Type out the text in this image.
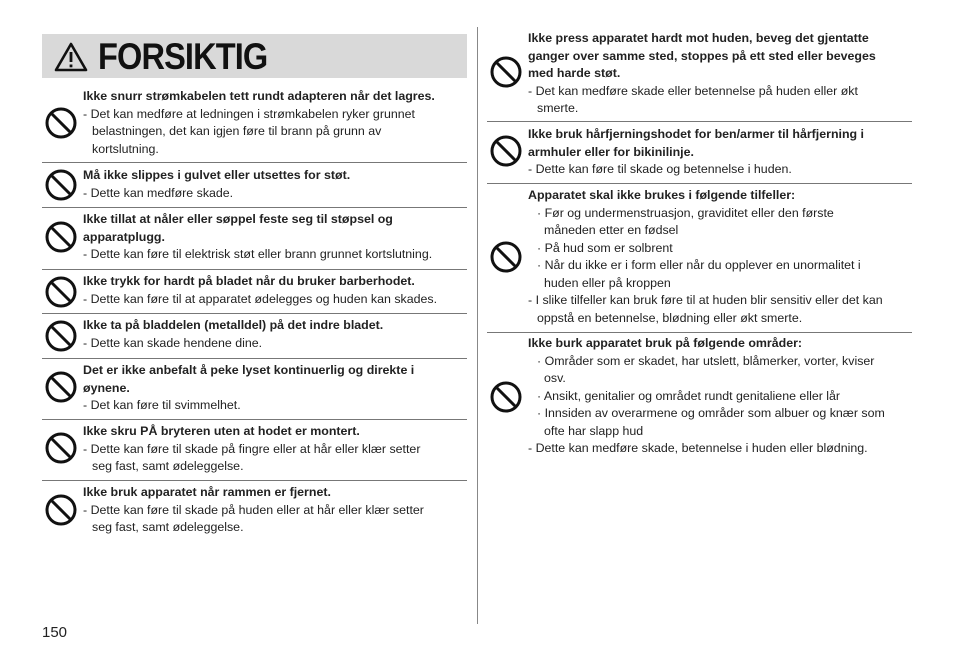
FORSIKTIG
Ikke snurr strømkabelen tett rundt adapteren når det lagres.
- Det kan medføre at ledningen i strømkabelen ryker grunnet
belastningen, det kan igjen føre til brann på grunn av
kortslutning.
Må ikke slippes i gulvet eller utsettes for støt.
- Dette kan medføre skade.
Ikke tillat at nåler eller søppel feste seg til støpsel og
apparatplugg.
- Dette kan føre til elektrisk støt eller brann grunnet kortslutning.
Ikke trykk for hardt på bladet når du bruker barberhodet.
- Dette kan føre til at apparatet ødelegges og huden kan skades.
Ikke ta på bladdelen (metalldel) på det indre bladet.
- Dette kan skade hendene dine.
Det er ikke anbefalt å peke lyset kontinuerlig og direkte i
øynene.
- Det kan føre til svimmelhet.
Ikke skru PÅ bryteren uten at hodet er montert.
- Dette kan føre til skade på fingre eller at hår eller klær setter
seg fast, samt ødeleggelse.
Ikke bruk apparatet når rammen er fjernet.
- Dette kan føre til skade på huden eller at hår eller klær setter
seg fast, samt ødeleggelse.
Ikke press apparatet hardt mot huden, beveg det gjentatte
ganger over samme sted, stoppes på ett sted eller beveges
med harde støt.
- Det kan medføre skade eller betennelse på huden eller økt
smerte.
Ikke bruk hårfjerningshodet for ben/armer til hårfjerning i
armhuler eller for bikinilinje.
- Dette kan føre til skade og betennelse i huden.
Apparatet skal ikke brukes i følgende tilfeller:
· Før og undermenstruasjon, graviditet eller den første
måneden etter en fødsel
· På hud som er solbrent
· Når du ikke er i form eller når du opplever en unormalitet i
huden eller på kroppen
- I slike tilfeller kan bruk føre til at huden blir sensitiv eller det kan
oppstå en betennelse, blødning eller økt smerte.
Ikke burk apparatet bruk på følgende områder:
· Områder som er skadet, har utslett, blåmerker, vorter, kviser
osv.
· Ansikt, genitalier og området rundt genitaliene eller lår
· Innsiden av overarmene og områder som albuer og knær som
ofte har slapp hud
- Dette kan medføre skade, betennelse i huden eller blødning.
150
